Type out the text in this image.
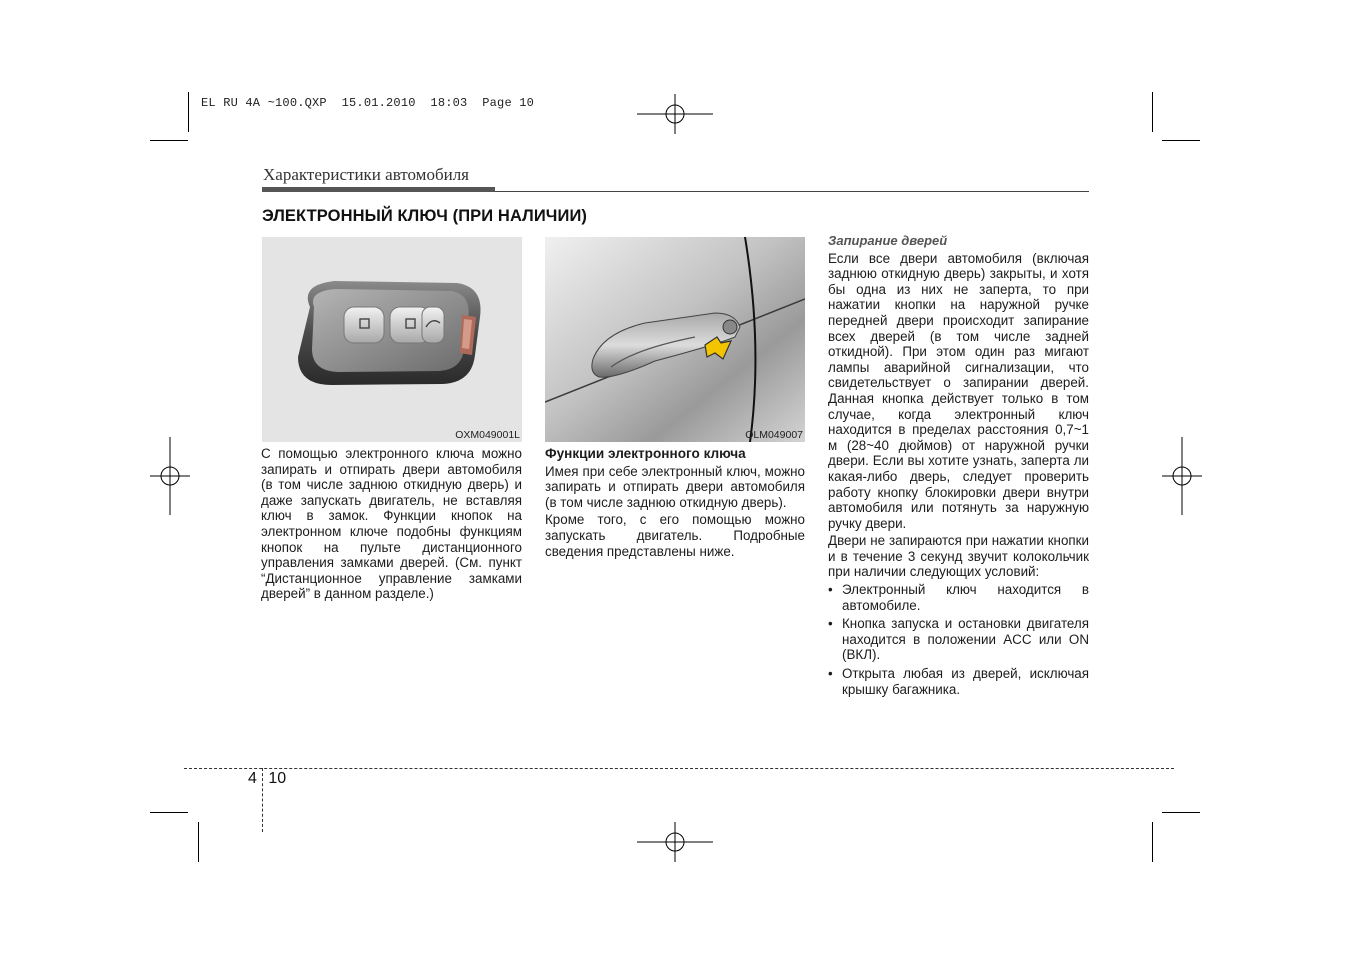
EL RU 4A ~100.QXP  15.01.2010  18:03  Page 10
Характеристики автомобиля
ЭЛЕКТРОННЫЙ КЛЮЧ (ПРИ НАЛИЧИИ)
OXM049001L	OLM049007

С помощью электронного ключа можно запирать и отпирать двери автомобиля (в том числе заднюю откидную дверь) и даже запускать двигатель, не вставляя ключ в замок. Функции кнопок на электронном ключе подобны функциям кнопок на пульте дистанционного управления замками дверей. (См. пункт “Дистанционное управление замками дверей” в данном разделе.)

Функции электронного ключа

Имея при себе электронный ключ, можно запирать и отпирать двери автомобиля (в том числе заднюю откидную дверь).

Кроме того, с его помощью можно запускать двигатель. Подробные сведения представлены ниже.

Запирание дверей

Если все двери автомобиля (включая заднюю откидную дверь) закрыты, и хотя бы одна из них не заперта, то при нажатии кнопки на наружной ручке передней двери происходит запирание всех дверей (в том числе задней откидной). При этом один раз мигают лампы аварийной сигнализации, что свидетельствует о запирании дверей. Данная кнопка действует только в том случае, когда электронный ключ находится в пределах расстояния 0,7~1 м (28~40 дюймов) от наружной ручки двери. Если вы хотите узнать, заперта ли какая-либо дверь, следует проверить работу кнопку блокировки двери внутри автомобиля или потянуть за наружную ручку двери.

Двери не запираются при нажатии кнопки и в течение 3 секунд звучит колокольчик при наличии следующих условий:

• Электронный ключ находится в автомобиле.
• Кнопка запуска и остановки двигателя находится в положении ACC или ON (ВКЛ).
• Открыта любая из дверей, исключая крышку багажника.
4 10
